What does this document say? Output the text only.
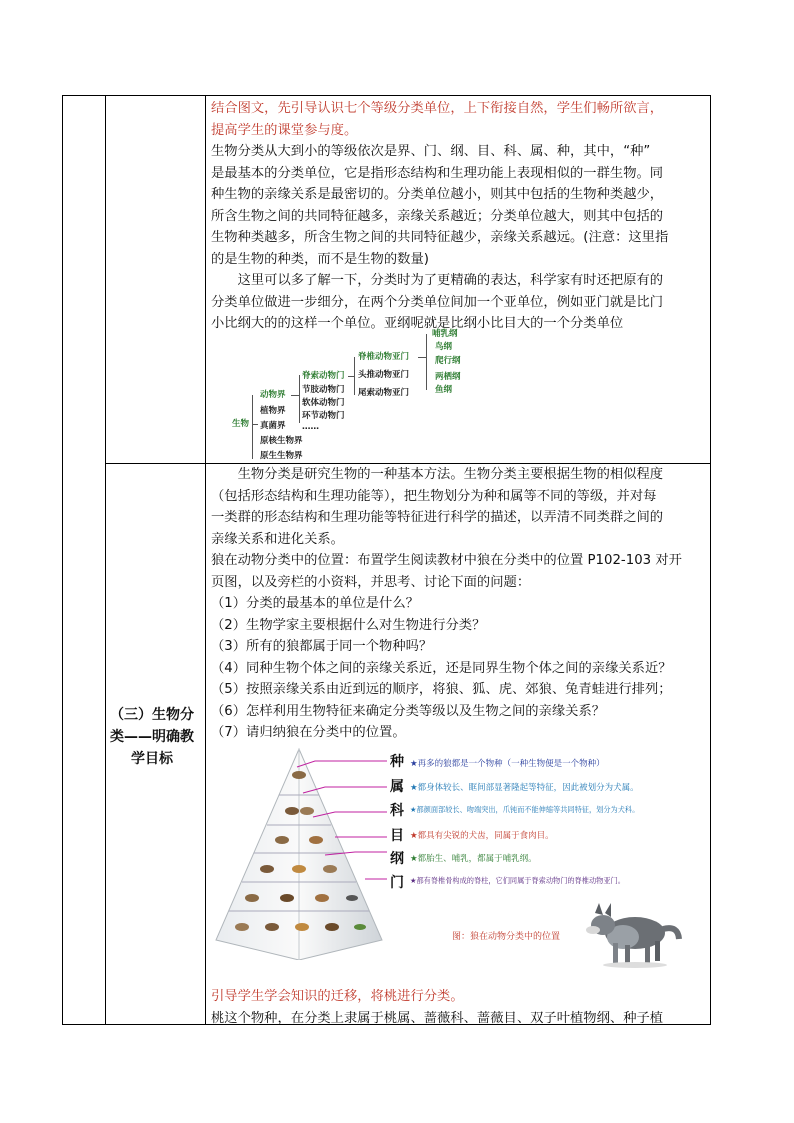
结合图文，先引导认识七个等级分类单位，上下衔接自然，学生们畅所欲言，

提高学生的课堂参与度。

生物分类从大到小的等级依次是界、门、纲、目、科、属、种，其中，“种”

是最基本的分类单位，它是指形态结构和生理功能上表现相似的一群生物。同

种生物的亲缘关系是最密切的。分类单位越小，则其中包括的生物种类越少，

所含生物之间的共同特征越多，亲缘关系越近；分类单位越大，则其中包括的

生物种类越多，所含生物之间的共同特征越少，亲缘关系越远。(注意：这里指

的是生物的种类，而不是生物的数量)

这里可以多了解一下，分类时为了更精确的表达，科学家有时还把原有的

分类单位做进一步细分，在两个分类单位间加一个亚单位，例如亚门就是比门

小比纲大的的这样一个单位。亚纲呢就是比纲小比目大的一个分类单位

生物
动物界
植物界
真菌界
原核生物界
原生生物界
脊索动物门
节肢动物门
软体动物门
环节动物门
……
脊椎动物亚门
头推动物亚门
尾索动物亚门
哺乳纲
鸟纲
爬行纲
两栖纲
鱼纲
（三）生物分类——明确教学目标

生物分类是研究生物的一种基本方法。生物分类主要根据生物的相似程度

（包括形态结构和生理功能等），把生物划分为种和属等不同的等级，并对每

一类群的形态结构和生理功能等特征进行科学的描述，以弄清不同类群之间的

亲缘关系和进化关系。

狼在动物分类中的位置：布置学生阅读教材中狼在分类中的位置 P102-103 对开

页图，以及旁栏的小资料，并思考、讨论下面的问题：

（1）分类的最基本的单位是什么？

（2）生物学家主要根据什么对生物进行分类？

（3）所有的狼都属于同一个物种吗？

（4）同种生物个体之间的亲缘关系近，还是同界生物个体之间的亲缘关系近？

（5）按照亲缘关系由近到远的顺序，将狼、狐、虎、郊狼、兔青蛙进行排列；

（6）怎样利用生物特征来确定分类等级以及生物之间的亲缘关系？

（7）请归纳狼在分类中的位置。

种
属
科
目
纲
门
★再多的狼都是一个物种（一种生物便是一个物种）
★都身体较长、眶间部显著隆起等特征，因此被划分为犬属。
★都颜面部较长、吻端突出，爪钝而不能伸缩等共同特征，划分为犬科。
★都具有尖锐的犬齿，同属于食肉目。
★都胎生、哺乳，都属于哺乳纲。
★都有脊椎骨构成的脊柱，它们同属于脊索动物门的脊椎动物亚门。
图：狼在动物分类中的位置

引导学生学会知识的迁移，将桃进行分类。

桃这个物种，在分类上隶属于桃属、蔷薇科、蔷薇目、双子叶植物纲、种子植
